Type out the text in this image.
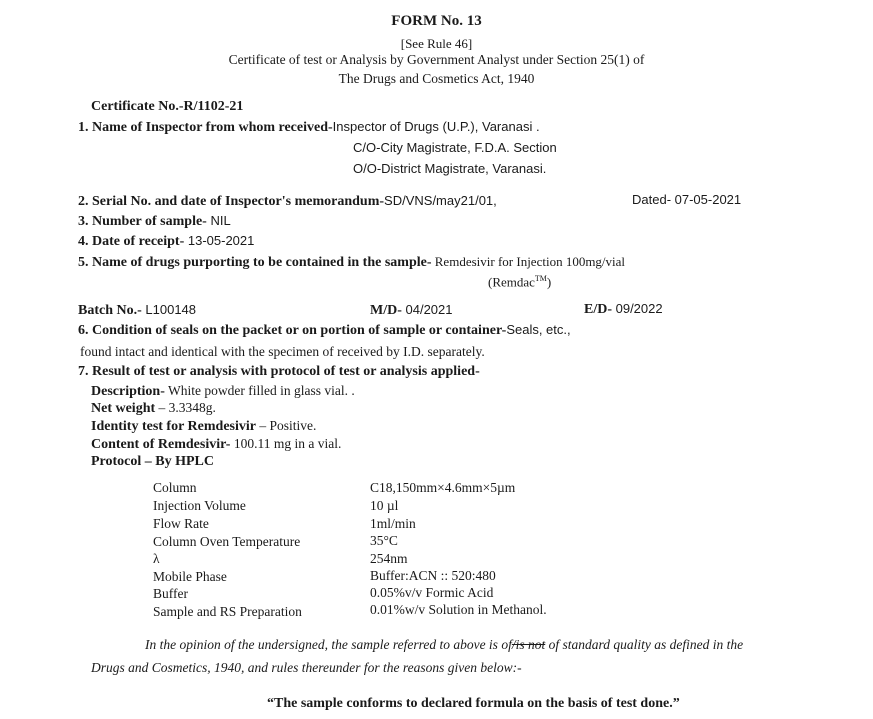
FORM No. 13
[See Rule 46]
Certificate of test or Analysis by Government Analyst under Section 25(1) of
The Drugs and Cosmetics Act, 1940
Certificate No.-R/1102-21
1. Name of Inspector from whom received-Inspector of Drugs (U.P.), Varanasi .
C/O-City Magistrate, F.D.A. Section
O/O-District Magistrate, Varanasi.
2. Serial No. and date of Inspector's memorandum-SD/VNS/may21/01,	Dated- 07-05-2021
3. Number of sample- NIL
4. Date of receipt- 13-05-2021
5. Name of drugs purporting to be contained in the sample- Remdesivir for Injection 100mg/vial
(Remdac™)
Batch No.- L100148	M/D- 04/2021	E/D- 09/2022
6. Condition of seals on the packet or on portion of sample or container-Seals, etc.,
found intact and identical with the specimen of received by I.D. separately.
7. Result of test or analysis with protocol of test or analysis applied-
Description- White powder filled in glass vial. .
Net weight – 3.3348g.
Identity test for Remdesivir – Positive.
Content of Remdesivir- 100.11 mg in a vial.
Protocol – By HPLC
Column	C18,150mm×4.6mm×5µm
Injection Volume	10 µl
Flow Rate	1ml/min
Column Oven Temperature	35°C
λ	254nm
Mobile Phase	Buffer:ACN :: 520:480
Buffer	0.05%v/v Formic Acid
Sample and RS Preparation	0.01%w/v Solution in Methanol.
In the opinion of the undersigned, the sample referred to above is of/is not of standard quality as defined in the
Drugs and Cosmetics, 1940, and rules thereunder for the reasons given below:-
“The sample conforms to declared formula on the basis of test done.”
